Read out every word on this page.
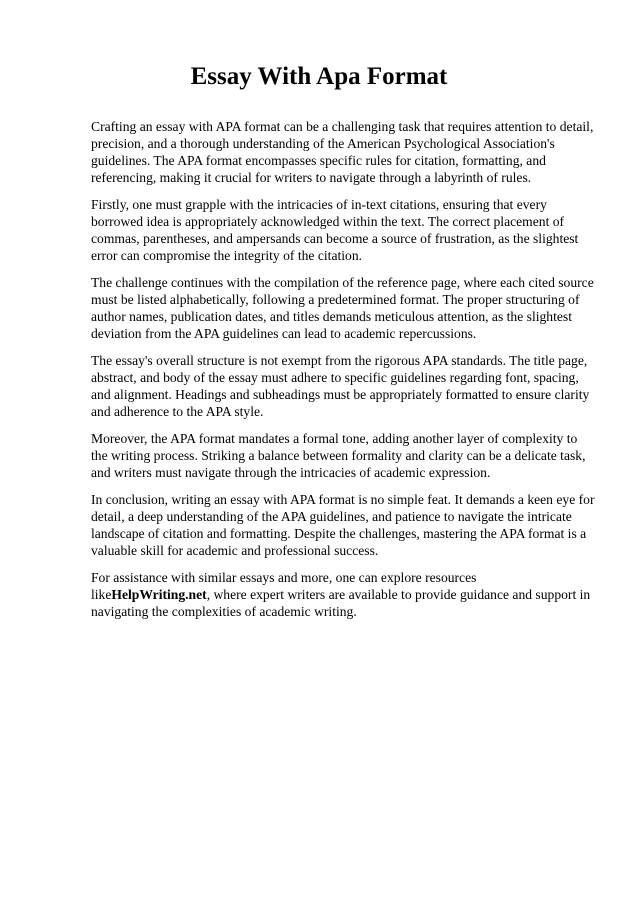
Essay With Apa Format

Crafting an essay with APA format can be a challenging task that requires attention to detail, precision, and a thorough understanding of the American Psychological Association's guidelines. The APA format encompasses specific rules for citation, formatting, and referencing, making it crucial for writers to navigate through a labyrinth of rules.

Firstly, one must grapple with the intricacies of in-text citations, ensuring that every borrowed idea is appropriately acknowledged within the text. The correct placement of commas, parentheses, and ampersands can become a source of frustration, as the slightest error can compromise the integrity of the citation.

The challenge continues with the compilation of the reference page, where each cited source must be listed alphabetically, following a predetermined format. The proper structuring of author names, publication dates, and titles demands meticulous attention, as the slightest deviation from the APA guidelines can lead to academic repercussions.

The essay's overall structure is not exempt from the rigorous APA standards. The title page, abstract, and body of the essay must adhere to specific guidelines regarding font, spacing, and alignment. Headings and subheadings must be appropriately formatted to ensure clarity and adherence to the APA style.

Moreover, the APA format mandates a formal tone, adding another layer of complexity to the writing process. Striking a balance between formality and clarity can be a delicate task, and writers must navigate through the intricacies of academic expression.

In conclusion, writing an essay with APA format is no simple feat. It demands a keen eye for detail, a deep understanding of the APA guidelines, and patience to navigate the intricate landscape of citation and formatting. Despite the challenges, mastering the APA format is a valuable skill for academic and professional success.

For assistance with similar essays and more, one can explore resources likeHelpWriting.net, where expert writers are available to provide guidance and support in navigating the complexities of academic writing.
